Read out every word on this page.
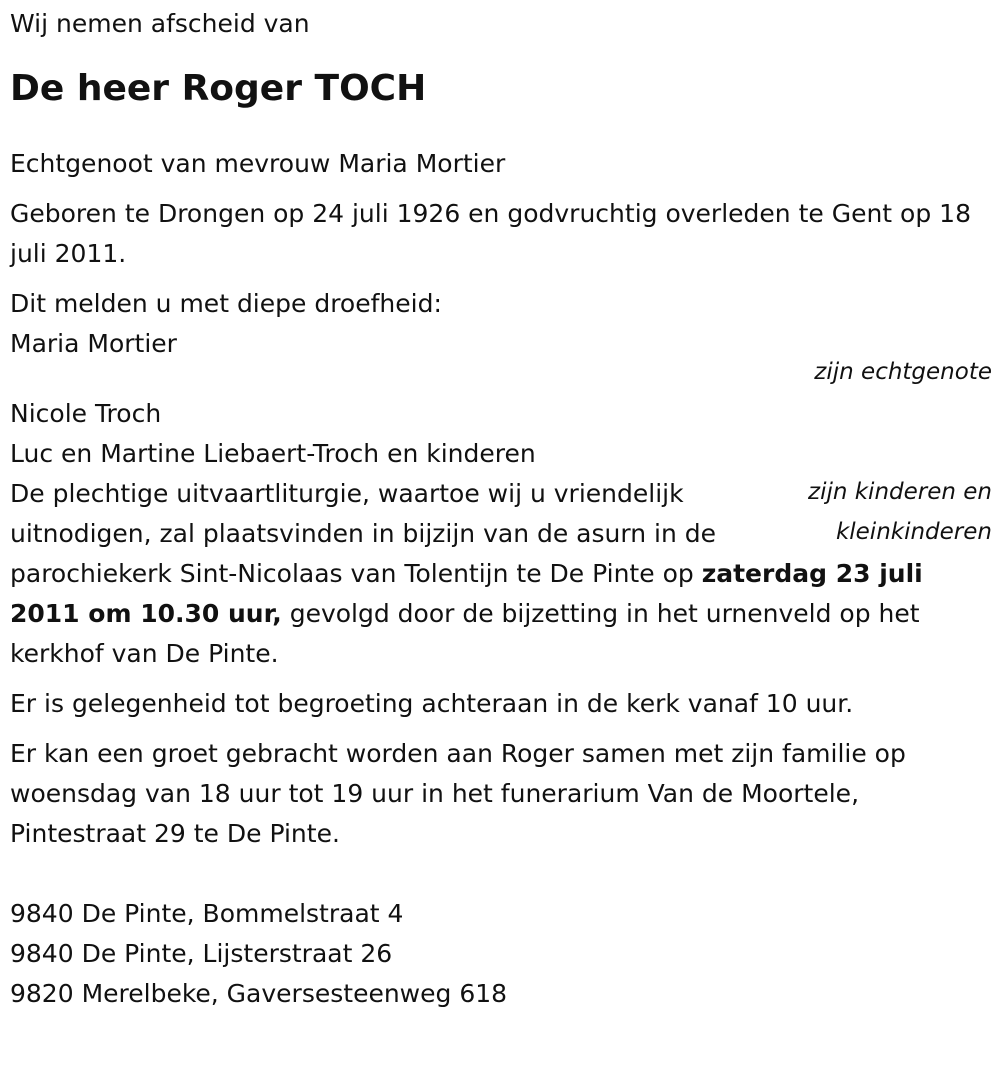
Wij nemen afscheid van

De heer Roger TOCH

Echtgenoot van mevrouw Maria Mortier

Geboren te Drongen op 24 juli 1926 en godvruchtig overleden te Gent op 18 juli 2011.

Dit melden u met diepe droefheid:
Maria Mortier
zijn echtgenote
Nicole Troch
Luc en Martine Liebaert-Troch en kinderen

zijn kinderen en
kleinkinderen
De plechtige uitvaartliturgie, waartoe wij u vriendelijk uitnodigen, zal plaatsvinden in bijzijn van de asurn in de parochiekerk Sint-Nicolaas van Tolentijn te De Pinte op zaterdag 23 juli 2011 om 10.30 uur, gevolgd door de bijzetting in het urnenveld op het kerkhof van De Pinte.

Er is gelegenheid tot begroeting achteraan in de kerk vanaf 10 uur.

Er kan een groet gebracht worden aan Roger samen met zijn familie op woensdag van 18 uur tot 19 uur in het funerarium Van de Moortele, Pintestraat 29 te De Pinte.

9840 De Pinte, Bommelstraat 4
9840 De Pinte, Lijsterstraat 26
9820 Merelbeke, Gaversesteenweg 618
